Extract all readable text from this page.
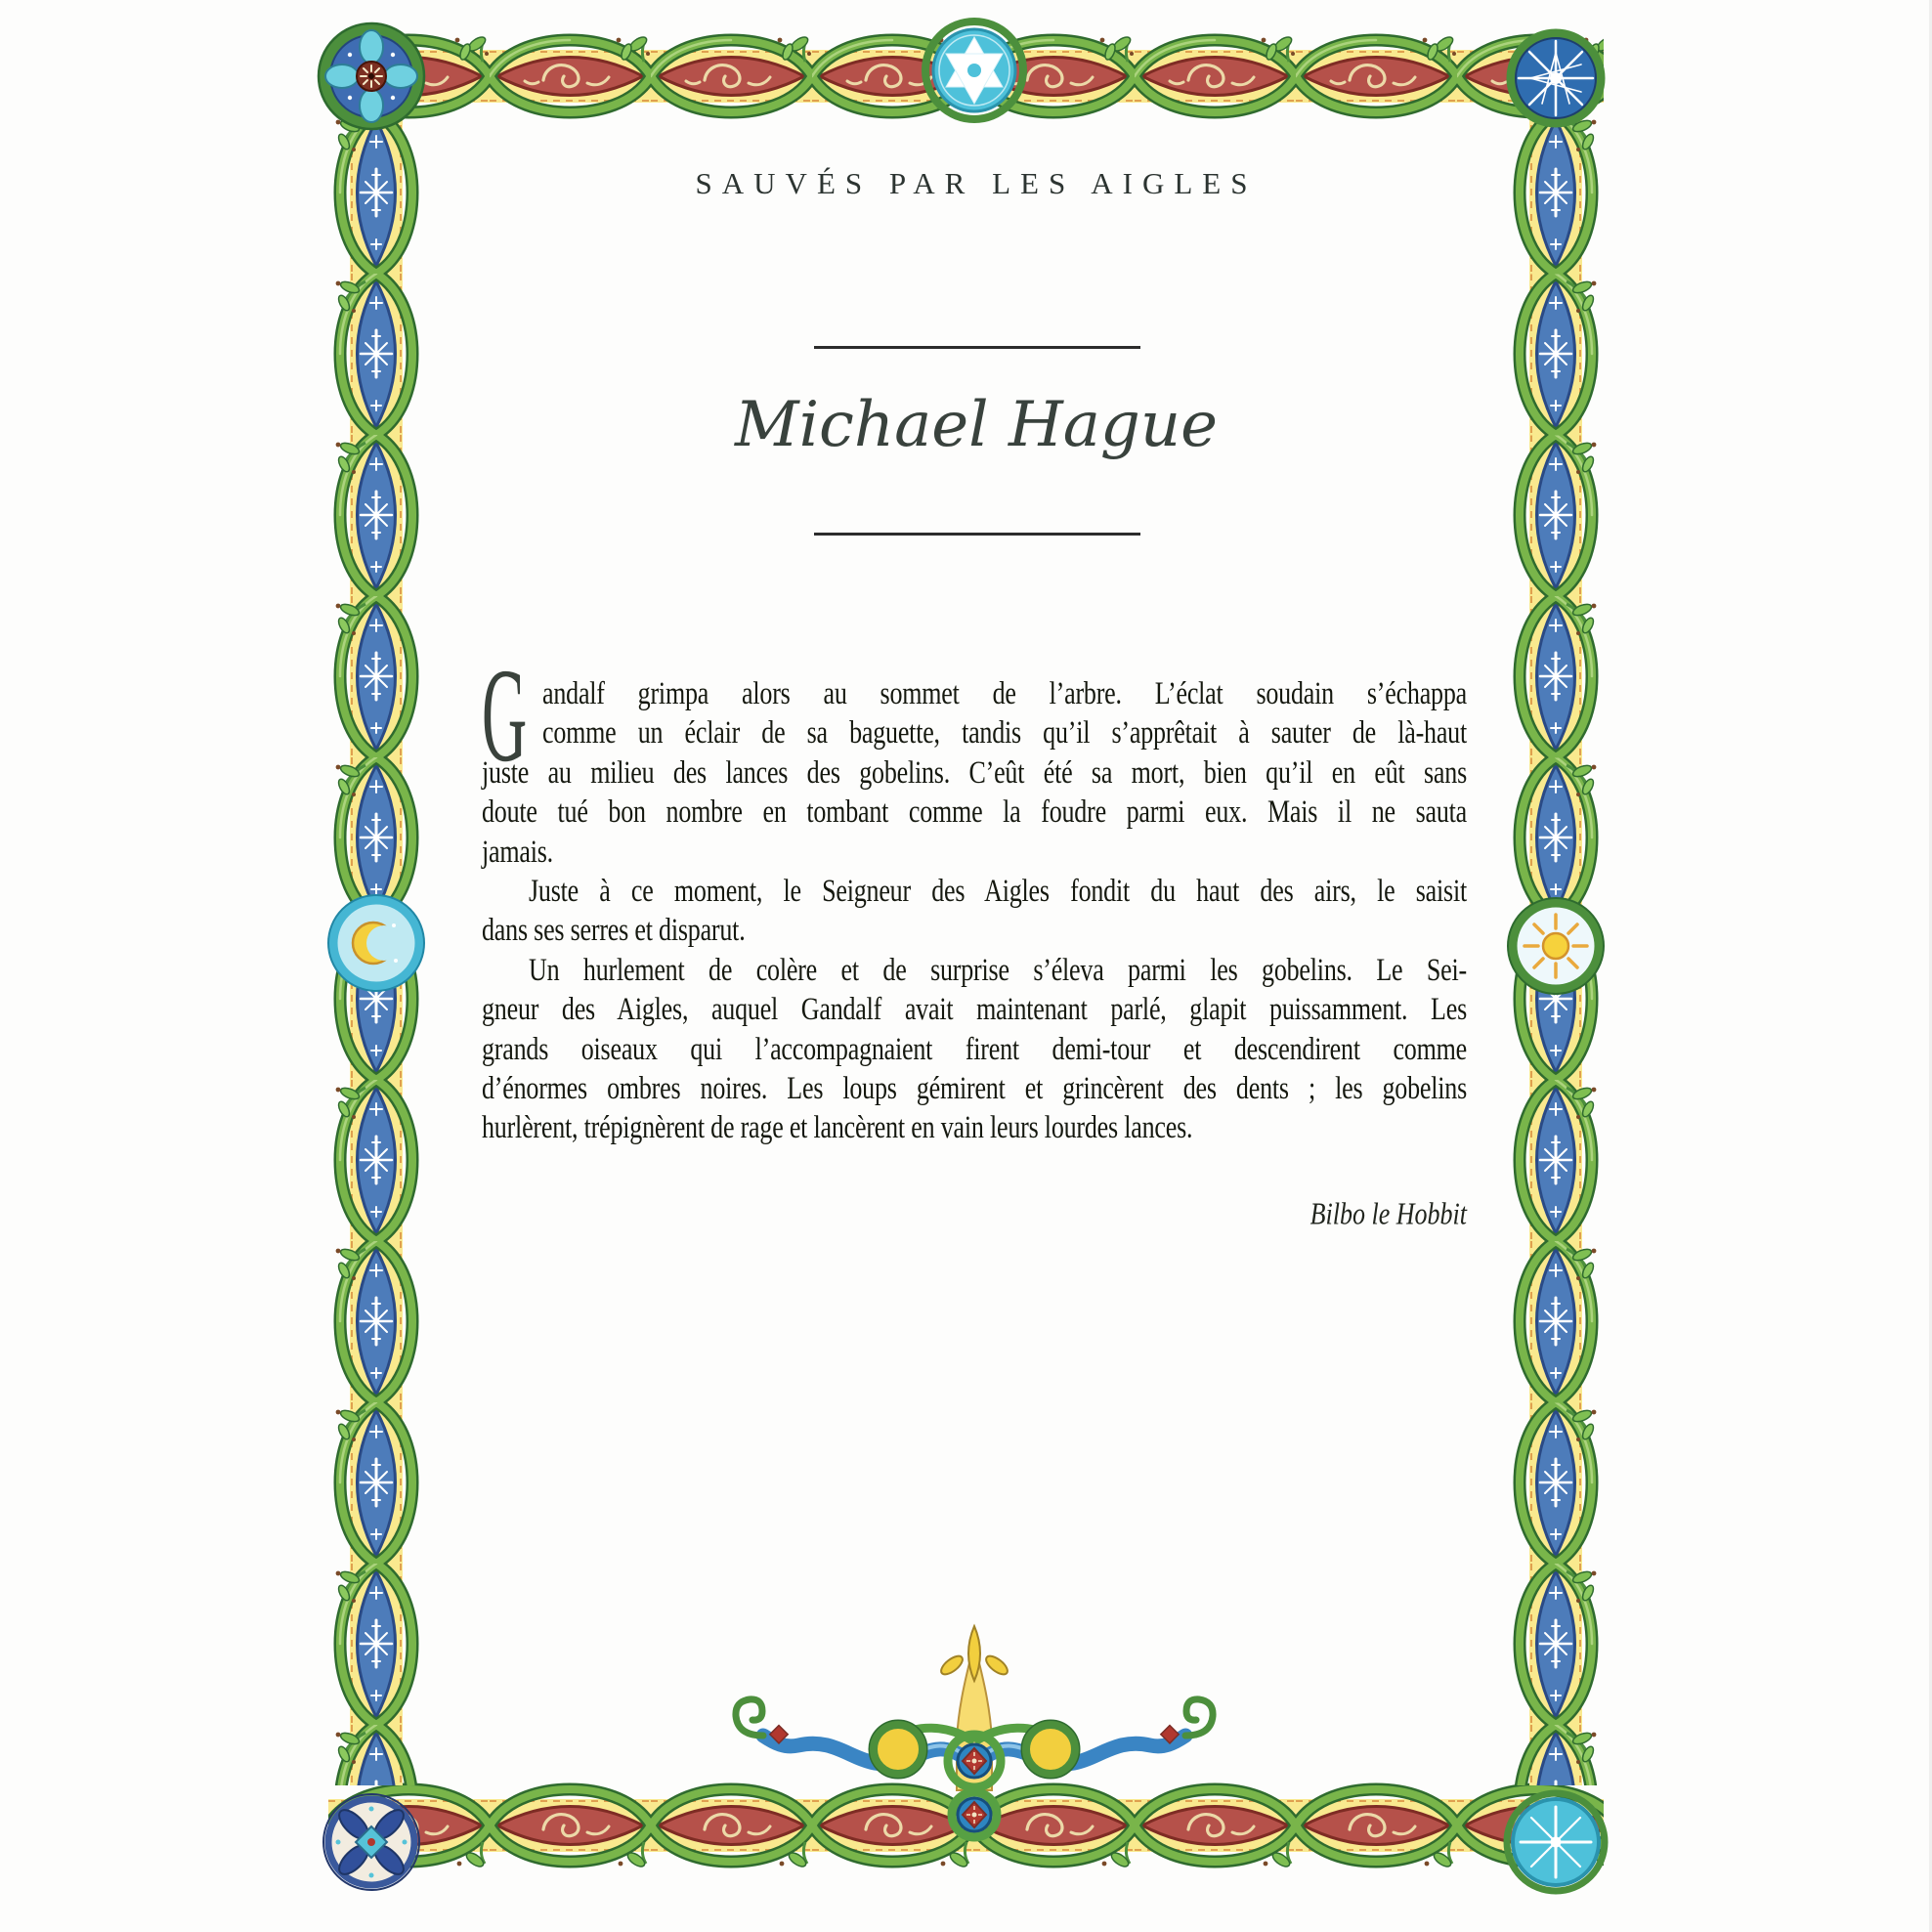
SAUVÉS PAR LES AIGLES
Michael Hague
G andalf grimpa alors au sommet de l’arbre. L’éclat soudain s’échappa
comme un éclair de sa baguette, tandis qu’il s’apprêtait à sauter de là-haut
juste au milieu des lances des gobelins. C’eût été sa mort, bien qu’il en eût sans
doute tué bon nombre en tombant comme la foudre parmi eux. Mais il ne sauta
jamais.
Juste à ce moment, le Seigneur des Aigles fondit du haut des airs, le saisit
dans ses serres et disparut.
Un hurlement de colère et de surprise s’éleva parmi les gobelins. Le Sei-
gneur des Aigles, auquel Gandalf avait maintenant parlé, glapit puissamment. Les
grands oiseaux qui l’accompagnaient firent demi-tour et descendirent comme
d’énormes ombres noires. Les loups gémirent et grincèrent des dents ; les gobelins
hurlèrent, trépignèrent de rage et lancèrent en vain leurs lourdes lances.
Bilbo le Hobbit
